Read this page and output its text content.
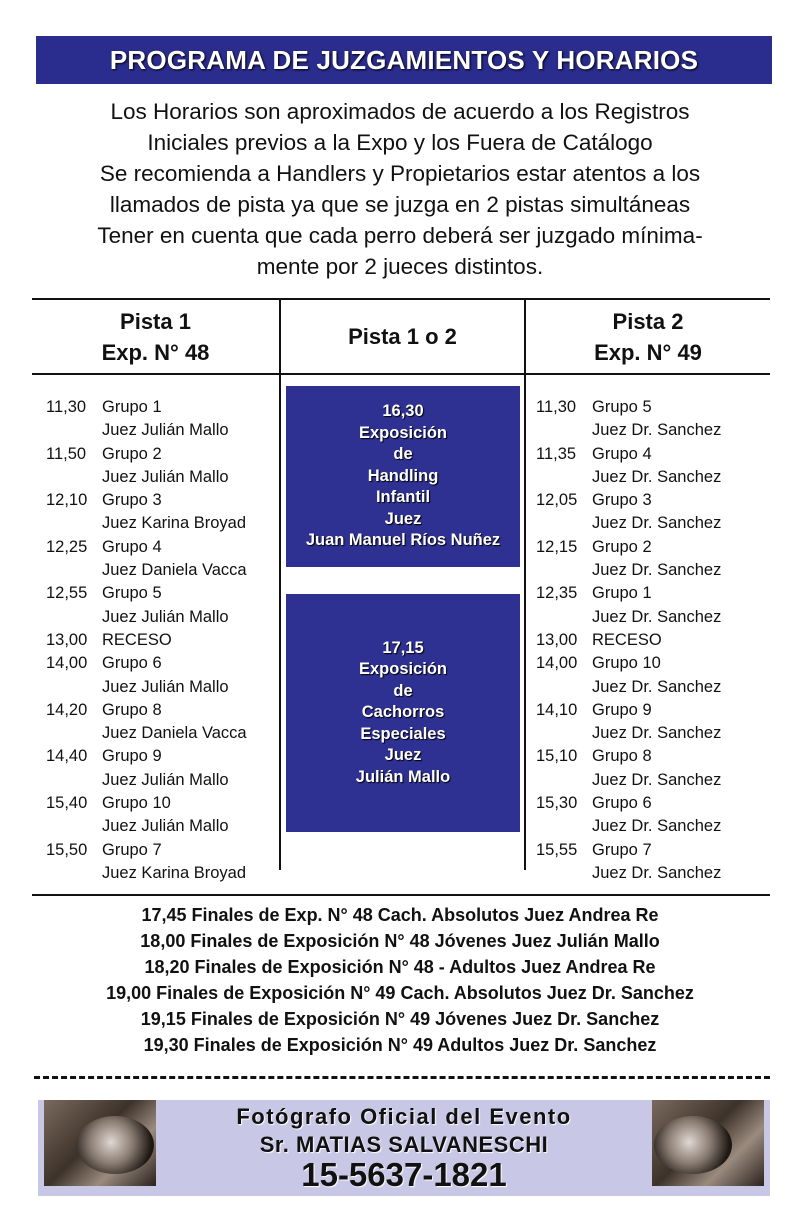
PROGRAMA DE JUZGAMIENTOS Y HORARIOS
Los Horarios son aproximados de acuerdo a los Registros
Iniciales previos a la Expo y los Fuera de Catálogo
Se recomienda a Handlers y Propietarios estar atentos a los
llamados de pista ya que se juzga en 2 pistas simultáneas
Tener en cuenta que cada perro deberá ser juzgado mínima-
mente por 2 jueces distintos.
Pista 1
Exp. N° 48
Pista 1 o 2
Pista 2
Exp. N° 49
11,30 Grupo 1
Juez Julián Mallo
11,50 Grupo 2
Juez Julián Mallo
12,10 Grupo 3
Juez Karina Broyad
12,25 Grupo 4
Juez Daniela Vacca
12,55 Grupo 5
Juez Julián Mallo
13,00 RECESO
14,00 Grupo 6
Juez Julián Mallo
14,20 Grupo 8
Juez Daniela Vacca
14,40 Grupo 9
Juez Julián Mallo
15,40 Grupo 10
Juez Julián Mallo
15,50 Grupo 7
Juez Karina Broyad
11,30 Grupo 5
Juez Dr. Sanchez
11,35 Grupo 4
Juez Dr. Sanchez
12,05 Grupo 3
Juez Dr. Sanchez
12,15 Grupo 2
Juez Dr. Sanchez
12,35 Grupo 1
Juez Dr. Sanchez
13,00 RECESO
14,00 Grupo 10
Juez Dr. Sanchez
14,10 Grupo 9
Juez Dr. Sanchez
15,10 Grupo 8
Juez Dr. Sanchez
15,30 Grupo 6
Juez Dr. Sanchez
15,55 Grupo 7
Juez Dr. Sanchez
16,30
Exposición
de
Handling
Infantil
Juez
Juan Manuel Ríos Nuñez
17,15
Exposición
de
Cachorros
Especiales
Juez
Julián Mallo
17,45 Finales de Exp. N° 48 Cach. Absolutos Juez Andrea Re
18,00 Finales de Exposición N° 48 Jóvenes Juez Julián Mallo
18,20 Finales de Exposición N° 48 - Adultos Juez Andrea Re
19,00 Finales de Exposición N° 49 Cach. Absolutos Juez Dr. Sanchez
19,15 Finales de Exposición N° 49 Jóvenes Juez Dr. Sanchez
19,30 Finales de Exposición N° 49 Adultos Juez Dr. Sanchez
Fotógrafo Oficial del Evento
Sr. MATIAS SALVANESCHI
15-5637-1821
